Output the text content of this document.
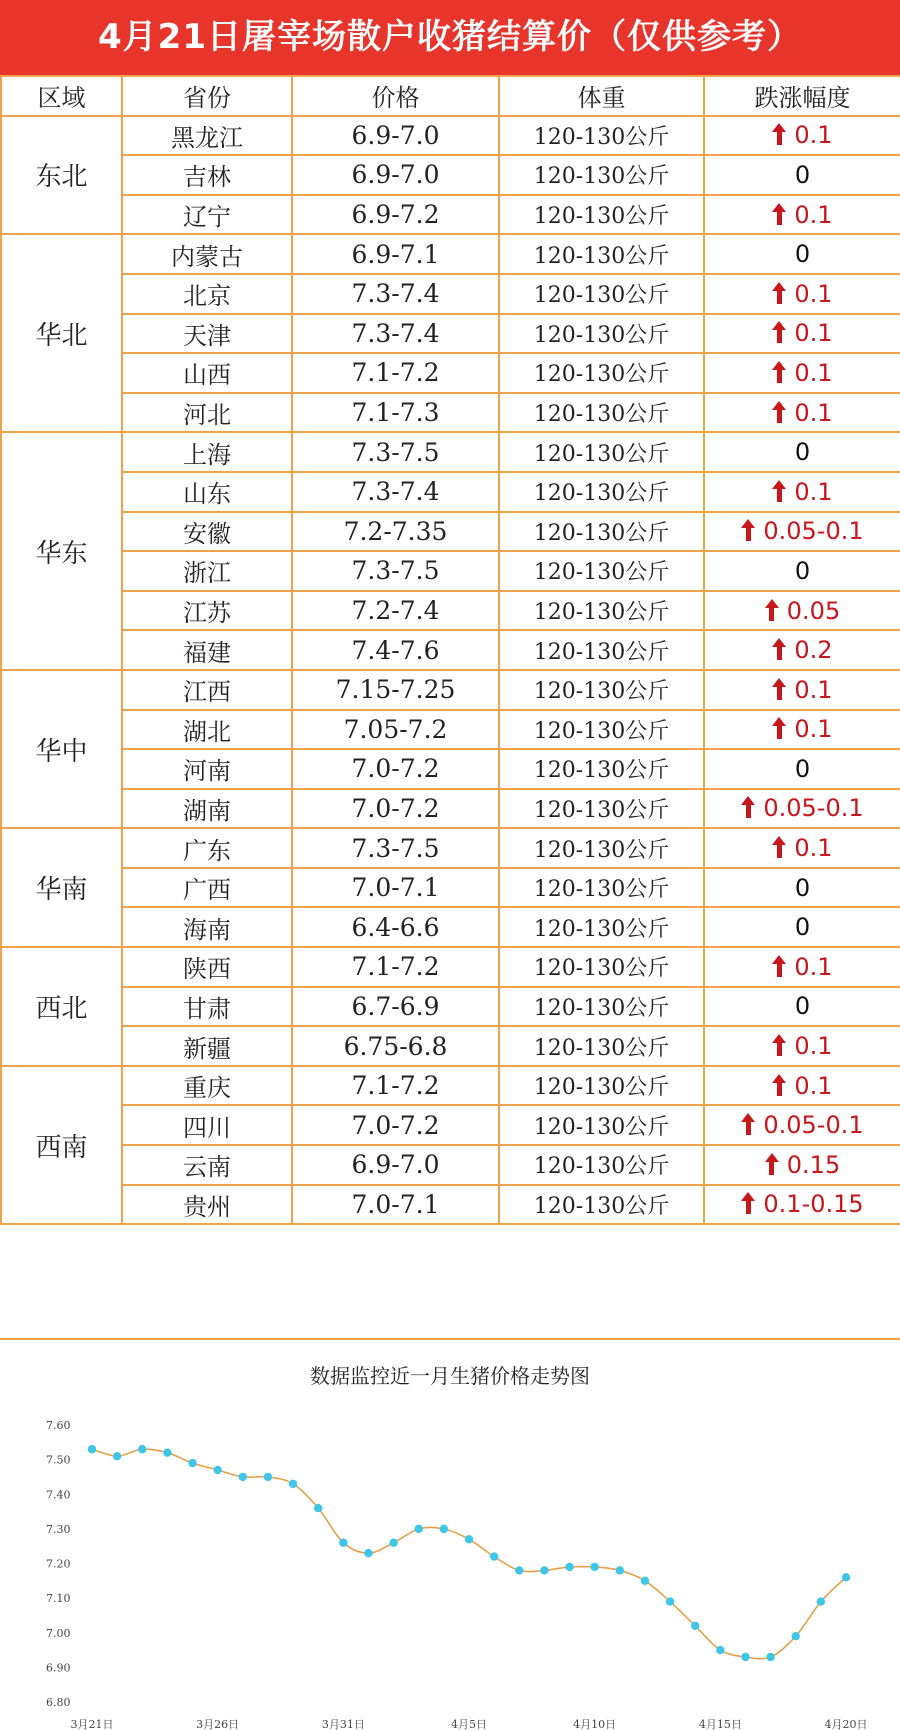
4月21日屠宰场散户收猪结算价（仅供参考）
区域	省份	价格	体重	跌涨幅度
东北	黑龙江	6.9-7.0	120-130公斤	0.1
	吉林	6.9-7.0	120-130公斤	0
	辽宁	6.9-7.2	120-130公斤	0.1
华北	内蒙古	6.9-7.1	120-130公斤	0
	北京	7.3-7.4	120-130公斤	0.1
	天津	7.3-7.4	120-130公斤	0.1
	山西	7.1-7.2	120-130公斤	0.1
	河北	7.1-7.3	120-130公斤	0.1
华东	上海	7.3-7.5	120-130公斤	0
	山东	7.3-7.4	120-130公斤	0.1
	安徽	7.2-7.35	120-130公斤	0.05-0.1
	浙江	7.3-7.5	120-130公斤	0
	江苏	7.2-7.4	120-130公斤	0.05
	福建	7.4-7.6	120-130公斤	0.2
华中	江西	7.15-7.25	120-130公斤	0.1
	湖北	7.05-7.2	120-130公斤	0.1
	河南	7.0-7.2	120-130公斤	0
	湖南	7.0-7.2	120-130公斤	0.05-0.1
华南	广东	7.3-7.5	120-130公斤	0.1
	广西	7.0-7.1	120-130公斤	0
	海南	6.4-6.6	120-130公斤	0
西北	陕西	7.1-7.2	120-130公斤	0.1
	甘肃	6.7-6.9	120-130公斤	0
	新疆	6.75-6.8	120-130公斤	0.1
西南	重庆	7.1-7.2	120-130公斤	0.1
	四川	7.0-7.2	120-130公斤	0.05-0.1
	云南	6.9-7.0	120-130公斤	0.15
	贵州	7.0-7.1	120-130公斤	0.1-0.15
数据监控近一月生猪价格走势图
6.80
6.90
7.00
7.10
7.20
7.30
7.40
7.50
7.60
3月21日	3月26日	3月31日	4月5日	4月10日	4月15日	4月20日
